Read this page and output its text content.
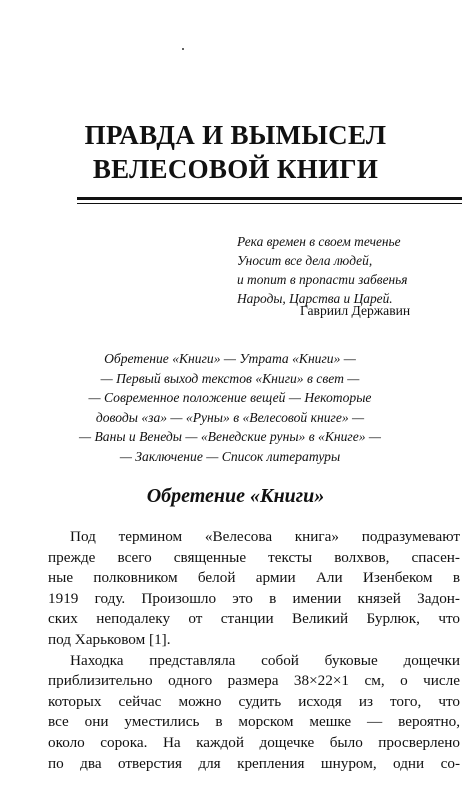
ПРАВДА И ВЫМЫСЕЛ
ВЕЛЕСОВОЙ КНИГИ
Река времен в своем теченье
Уносит все дела людей,
и топит в пропасти забвенья
Народы, Царства и Царей.
Гавриил Державин
Обретение «Книги» — Утрата «Книги» —
— Первый выход текстов «Книги» в свет —
— Современное положение вещей — Некоторые
доводы «за» — «Руны» в «Велесовой книге» —
— Ваны и Венеды — «Венедские руны» в «Книге» —
— Заключение — Список литературы
Обретение «Книги»
Под термином «Велесова книга» подразумевают
прежде всего священные тексты волхвов, спасен-
ные полковником белой армии Али Изенбеком в
1919 году. Произошло это в имении князей Задон-
ских неподалеку от станции Великий Бурлюк, что
под Харьковом [1].
Находка представляла собой буковые дощечки
приблизительно одного размера 38×22×1 см, о числе
которых сейчас можно судить исходя из того, что
все они уместились в морском мешке — вероятно,
около сорока. На каждой дощечке было просверлено
по два отверстия для крепления шнуром, одни со-
